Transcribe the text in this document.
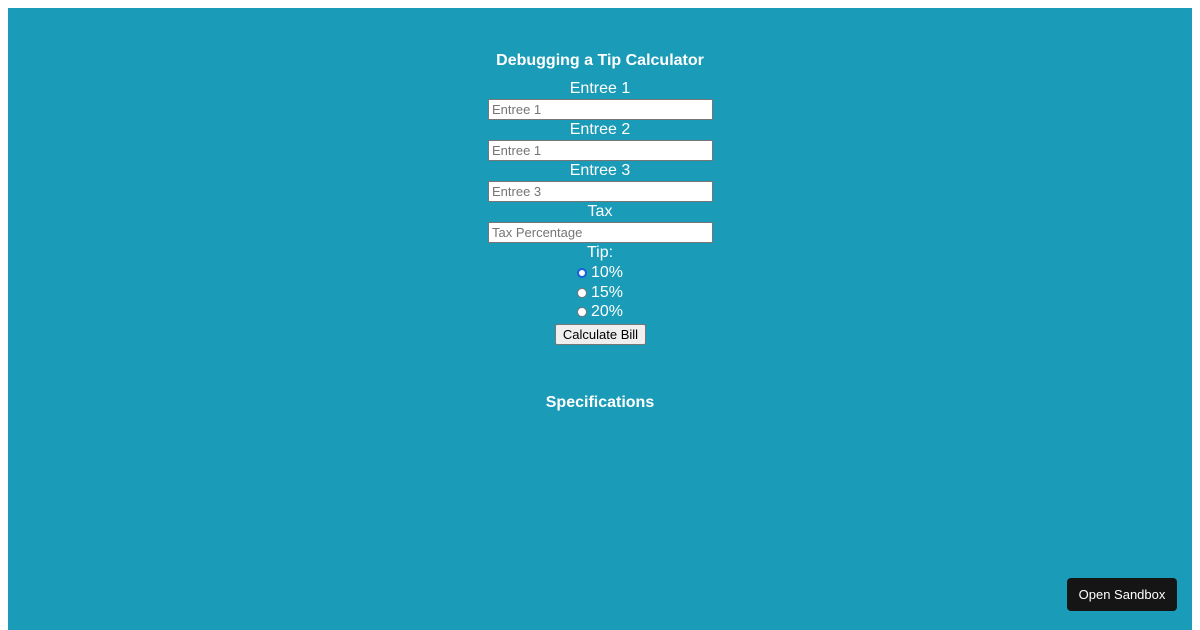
Debugging a Tip Calculator
Entree 1
Entree 1
Entree 2
Entree 1
Entree 3
Entree 3
Tax
Tax Percentage
Tip:
10%
15%
20%
Calculate Bill
Specifications
Open Sandbox
